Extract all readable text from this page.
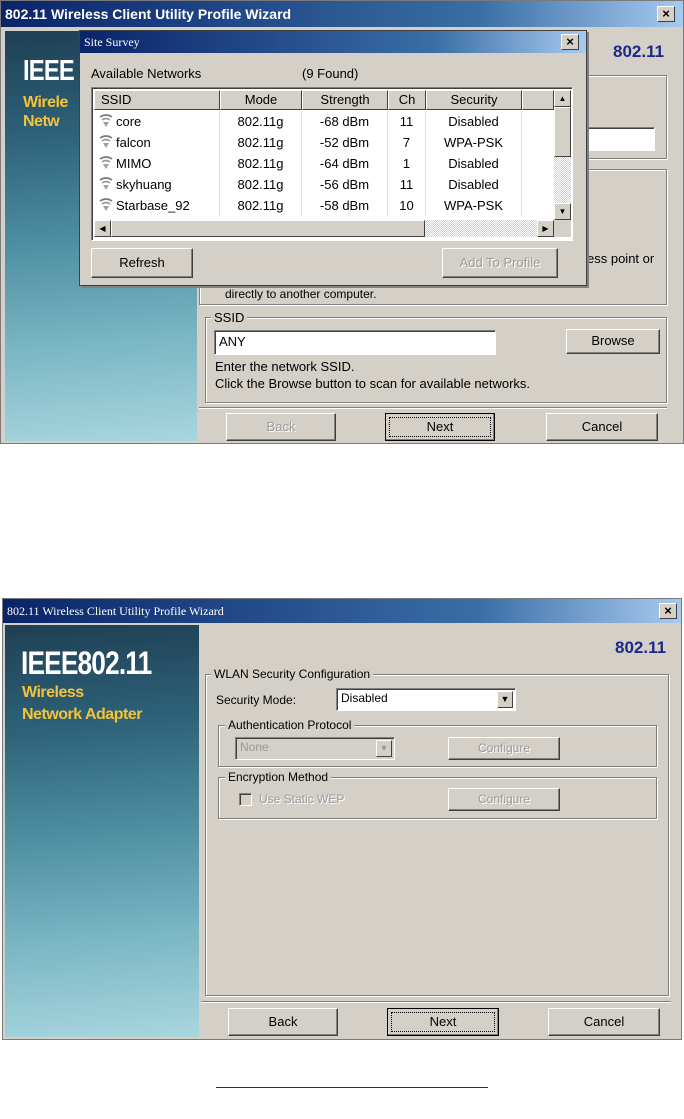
802.11 Wireless Client Utility Profile Wizard	×
IEEE
Wirele
Netw
802.11
ess point or
directly to another computer.
SSID
ANY	Browse
Enter the network SSID.
Click the Browse button to scan for available networks.
Back	Next	Cancel
Site Survey	×
Available Networks	(9 Found)
SSID	Mode	Strength	Ch	Security
core	802.11g	-68 dBm	11	Disabled
falcon	802.11g	-52 dBm	7	WPA-PSK
MIMO	802.11g	-64 dBm	1	Disabled
skyhuang	802.11g	-56 dBm	11	Disabled
Starbase_92	802.11g	-58 dBm	10	WPA-PSK
▲
▼
◀	▶
Refresh	Add To Profile
802.11 Wireless Client Utility Profile Wizard	×
IEEE802.11
Wireless
Network Adapter
802.11
WLAN Security Configuration
Security Mode:	Disabled	▼
Authentication Protocol
None	▼	Configure
Encryption Method
Use Static WEP	Configure
Back	Next	Cancel
